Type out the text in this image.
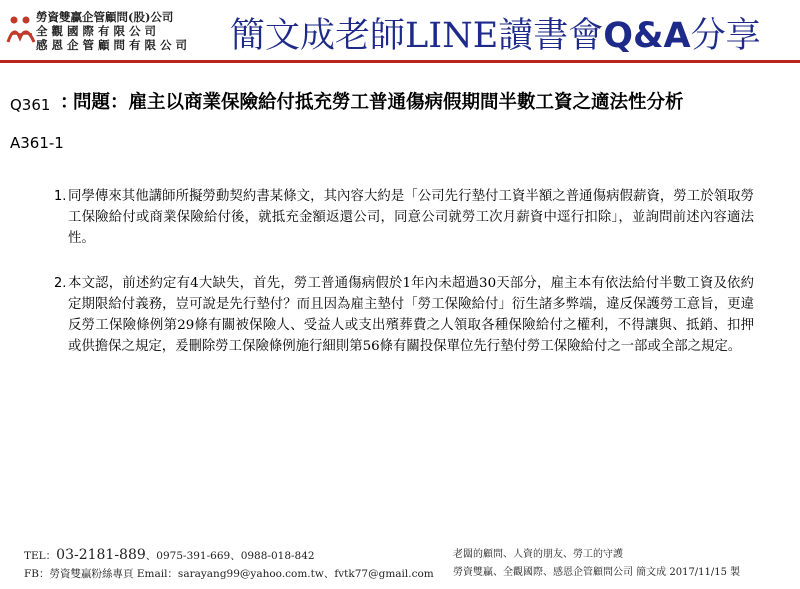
勞資雙贏企管顧問(股)公司
全 觀 國 際 有 限 公 司
感 恩 企 管 顧 問 有 限 公 司 簡文成老師LINE讀書會Q&A分享
Q361 ：
問題：雇主以商業保險給付抵充勞工普通傷病假期間半數工資之適法性分析
A361-1
1. 同學傳來其他講師所擬勞動契約書某條文，其內容大約是「公司先行墊付工資半額之普通傷病假薪資，勞工於領取勞工保險給付或商業保險給付後，就抵充金額返還公司，同意公司就勞工次月薪資中逕行扣除」，並詢問前述內容適法性。
2. 本文認，前述約定有4大缺失，首先，勞工普通傷病假於1年內未超過30天部分，雇主本有依法給付半數工資及依約定期限給付義務，豈可說是先行墊付？而且因為雇主墊付「勞工保險給付」衍生諸多弊端，違反保護勞工意旨，更違反勞工保險條例第29條有關被保險人、受益人或支出殯葬費之人領取各種保險給付之權利，不得讓與、抵銷、扣押或供擔保之規定，爰刪除勞工保險條例施行細則第56條有關投保單位先行墊付勞工保險給付之一部或全部之規定。
TEL：03-2181-889、0975-391-669、0988-018-842
FB：勞資雙贏粉絲專頁 Email：sarayang99@yahoo.com.tw、fvtk77@gmail.com
老闆的顧問、人資的朋友、勞工的守護
勞資雙贏、全觀國際、感恩企管顧問公司 簡文成 2017/11/15 製
